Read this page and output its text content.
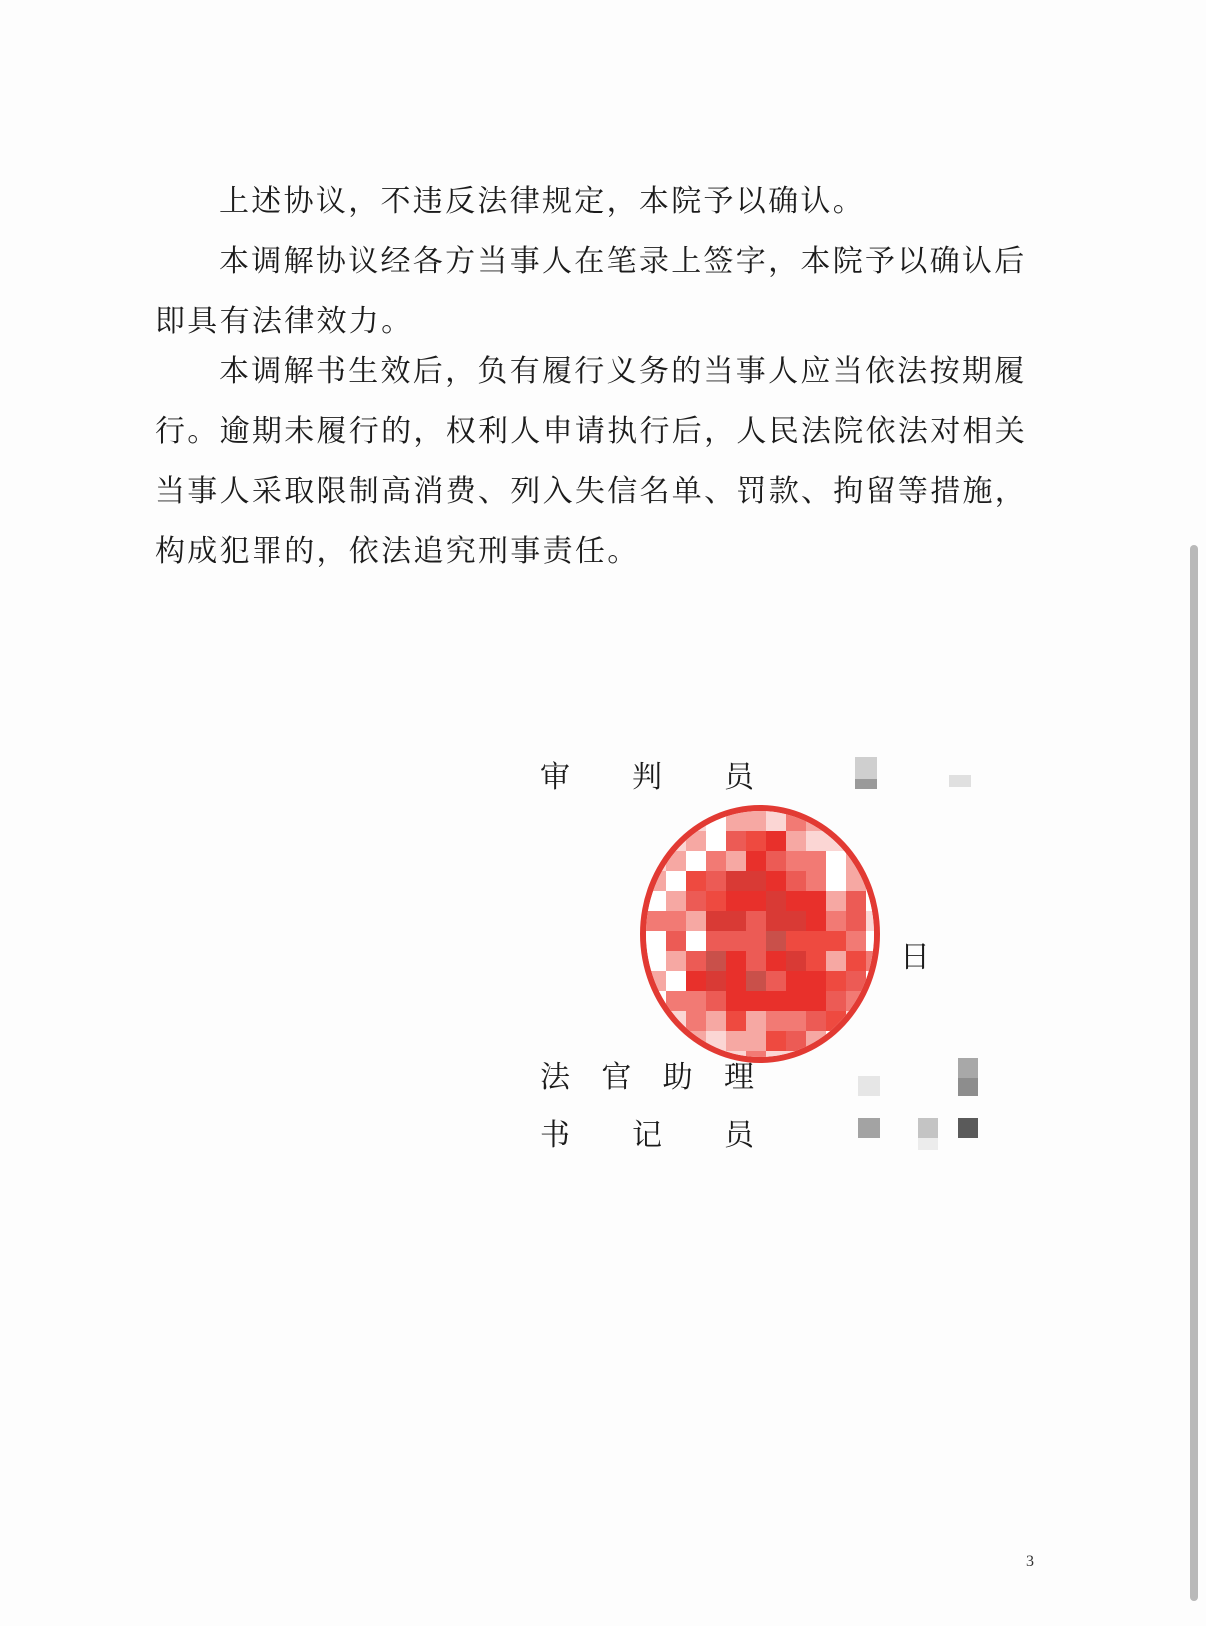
上述协议，不违反法律规定，本院予以确认。

本调解协议经各方当事人在笔录上签字，本院予以确认后即具有法律效力。

本调解书生效后，负有履行义务的当事人应当依法按期履行。逾期未履行的，权利人申请执行后，人民法院依法对相关当事人采取限制高消费、列入失信名单、罚款、拘留等措施，构成犯罪的，依法追究刑事责任。

审 判 员
日
法 官 助 理
书 记 员
3
